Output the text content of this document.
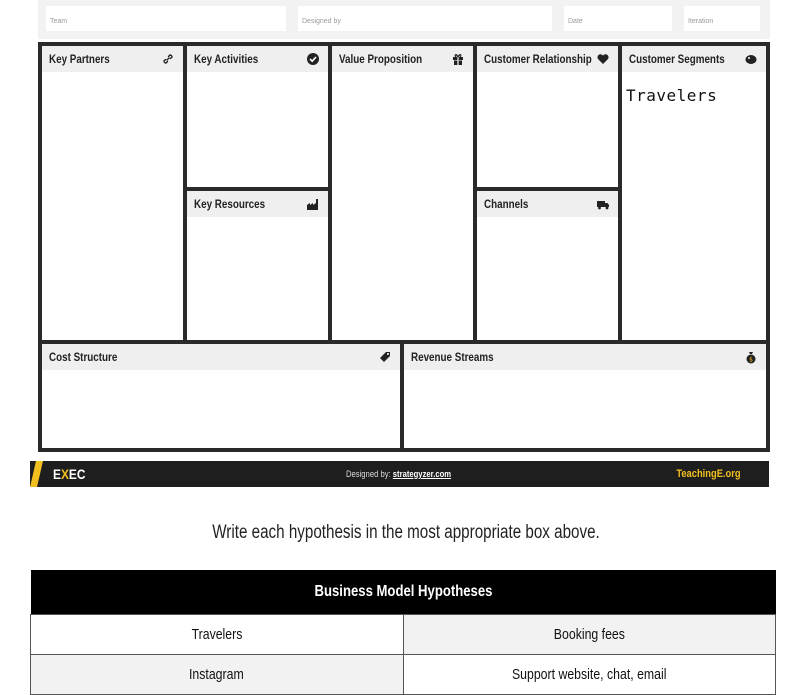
Team	Designed by	Date	Iteration
Key Partners	Key Activities
Key Resources
Value Proposition	Customer Relationship
Channels
Customer Segments
Travelers
Cost Structure	Revenue Streams	$
EXEC	Designed by: strategyzer.com	TeachingE.org
Write each hypothesis in the most appropriate box above.
Business Model Hypotheses	
Travelers	Booking fees
Instagram	Support website, chat, email
